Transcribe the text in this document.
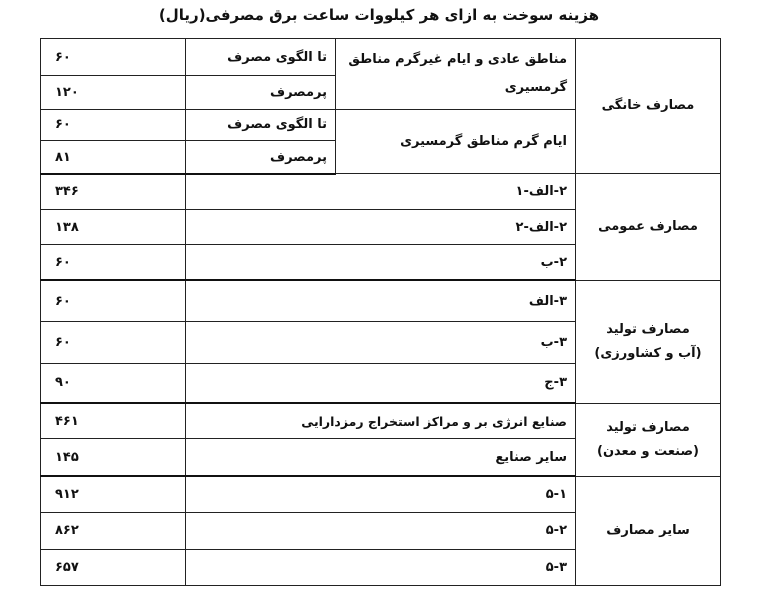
هزینه سوخت به ازای هر کیلووات ساعت برق مصرفی(ریال)
مصارف خانگی	مناطق عادی و ایام غیرگرم مناطق گرمسیری	تا الگوی مصرف	۶۰
		پرمصرف	۱۲۰
	ایام گرم مناطق گرمسیری	تا الگوی مصرف	۶۰
		پرمصرف	۸۱
مصارف عمومی	۲-الف-۱		۳۴۶
	۲-الف-۲		۱۳۸
	۲-ب		۶۰

مصارف تولید
(آب و کشاورزی)	۳-الف		۶۰
	۳-ب		۶۰
	۳-ج		۹۰

مصارف تولید
(صنعت و معدن)	صنایع انرژی بر و مراکز استخراج رمزدارایی		۴۶۱
	سایر صنایع		۱۴۵
سایر مصارف	۵-۱		۹۱۲
	۵-۲		۸۶۲
	۵-۳		۶۵۷
